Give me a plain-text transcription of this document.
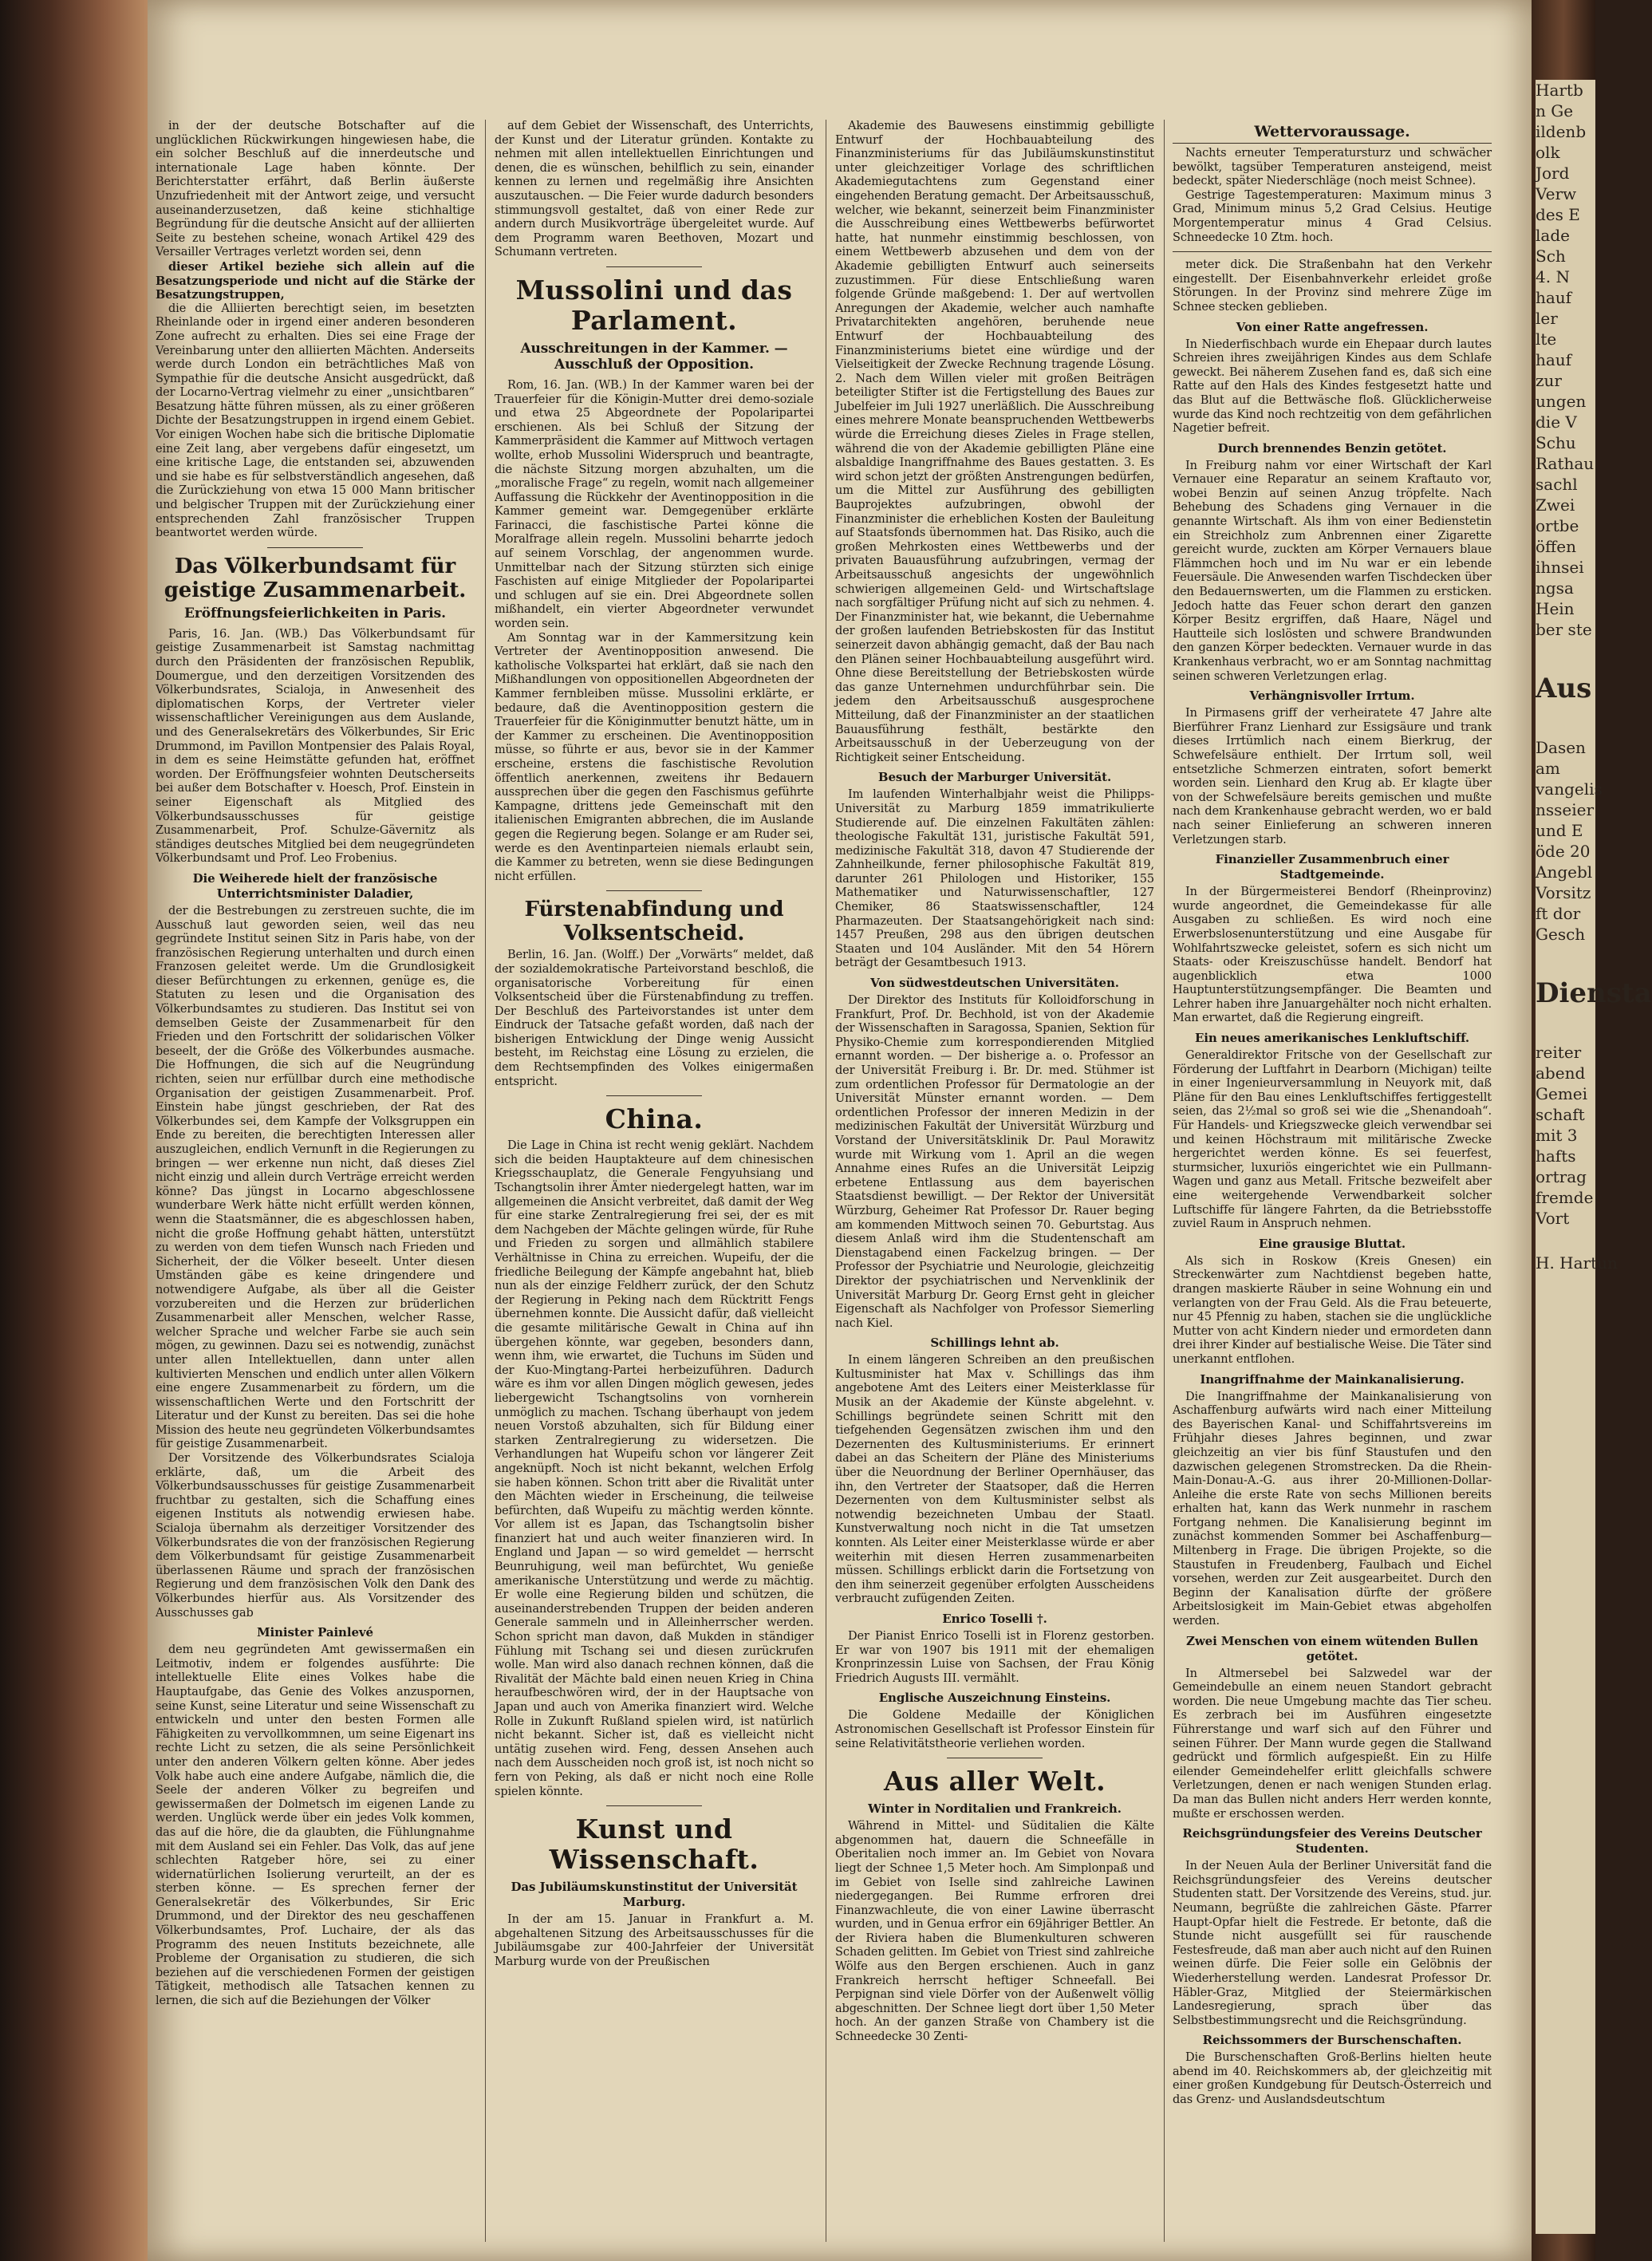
in der der deutsche Botschafter auf die unglücklichen Rückwirkungen hingewiesen habe, die ein solcher Beschluß auf die innerdeutsche und internationale Lage haben könnte. Der Berichterstatter erfährt, daß Berlin äußerste Unzufriedenheit mit der Antwort zeige, und versucht auseinanderzusetzen, daß keine stichhaltige Begründung für die deutsche Ansicht auf der alliierten Seite zu bestehen scheine, wonach Artikel 429 des Versailler Vertrages verletzt worden sei, denn

dieser Artikel beziehe sich allein auf die Besatzungsperiode und nicht auf die Stärke der Besatzungstruppen,

die die Alliierten berechtigt seien, im besetzten Rheinlande oder in irgend einer anderen besonderen Zone aufrecht zu erhalten. Dies sei eine Frage der Vereinbarung unter den alliierten Mächten. Anderseits werde durch London ein beträchtliches Maß von Sympathie für die deutsche Ansicht ausgedrückt, daß der Locarno-Vertrag vielmehr zu einer „unsichtbaren“ Besatzung hätte führen müssen, als zu einer größeren Dichte der Besatzungstruppen in irgend einem Gebiet. Vor einigen Wochen habe sich die britische Diplomatie eine Zeit lang, aber vergebens dafür eingesetzt, um eine kritische Lage, die entstanden sei, abzuwenden und sie habe es für selbstverständlich angesehen, daß die Zurückziehung von etwa 15 000 Mann britischer und belgischer Truppen mit der Zurückziehung einer entsprechenden Zahl französischer Truppen beantwortet werden würde.

Das Völkerbundsamt für geistige Zusammenarbeit.
Eröffnungsfeierlichkeiten in Paris.

Paris, 16. Jan. (WB.) Das Völkerbundsamt für geistige Zusammenarbeit ist Samstag nachmittag durch den Präsidenten der französischen Republik, Doumergue, und den derzeitigen Vorsitzenden des Völkerbundsrates, Scialoja, in Anwesenheit des diplomatischen Korps, der Vertreter vieler wissenschaftlicher Vereinigungen aus dem Auslande, und des Generalsekretärs des Völkerbundes, Sir Eric Drummond, im Pavillon Montpensier des Palais Royal, in dem es seine Heimstätte gefunden hat, eröffnet worden. Der Eröffnungsfeier wohnten Deutscherseits bei außer dem Botschafter v. Hoesch, Prof. Einstein in seiner Eigenschaft als Mitglied des Völkerbundsausschusses für geistige Zusammenarbeit, Prof. Schulze-Gävernitz als ständiges deutsches Mitglied bei dem neugegründeten Völkerbundsamt und Prof. Leo Frobenius.

Die Weiherede hielt der französische Unterrichtsminister Daladier,

der die Bestrebungen zu zerstreuen suchte, die im Ausschuß laut geworden seien, weil das neu gegründete Institut seinen Sitz in Paris habe, von der französischen Regierung unterhalten und durch einen Franzosen geleitet werde. Um die Grundlosigkeit dieser Befürchtungen zu erkennen, genüge es, die Statuten zu lesen und die Organisation des Völkerbundsamtes zu studieren. Das Institut sei von demselben Geiste der Zusammenarbeit für den Frieden und den Fortschritt der solidarischen Völker beseelt, der die Größe des Völkerbundes ausmache. Die Hoffnungen, die sich auf die Neugründung richten, seien nur erfüllbar durch eine methodische Organisation der geistigen Zusammenarbeit. Prof. Einstein habe jüngst geschrieben, der Rat des Völkerbundes sei, dem Kampfe der Volksgruppen ein Ende zu bereiten, die berechtigten Interessen aller auszugleichen, endlich Vernunft in die Regierungen zu bringen — wer erkenne nun nicht, daß dieses Ziel nicht einzig und allein durch Verträge erreicht werden könne? Das jüngst in Locarno abgeschlossene wunderbare Werk hätte nicht erfüllt werden können, wenn die Staatsmänner, die es abgeschlossen haben, nicht die große Hoffnung gehabt hätten, unterstützt zu werden von dem tiefen Wunsch nach Frieden und Sicherheit, der die Völker beseelt. Unter diesen Umständen gäbe es keine dringendere und notwendigere Aufgabe, als über all die Geister vorzubereiten und die Herzen zur brüderlichen Zusammenarbeit aller Menschen, welcher Rasse, welcher Sprache und welcher Farbe sie auch sein mögen, zu gewinnen. Dazu sei es notwendig, zunächst unter allen Intellektuellen, dann unter allen kultivierten Menschen und endlich unter allen Völkern eine engere Zusammenarbeit zu fördern, um die wissenschaftlichen Werte und den Fortschritt der Literatur und der Kunst zu bereiten. Das sei die hohe Mission des heute neu gegründeten Völkerbundsamtes für geistige Zusammenarbeit.

Der Vorsitzende des Völkerbundsrates Scialoja erklärte, daß, um die Arbeit des Völkerbundsausschusses für geistige Zusammenarbeit fruchtbar zu gestalten, sich die Schaffung eines eigenen Instituts als notwendig erwiesen habe. Scialoja übernahm als derzeitiger Vorsitzender des Völkerbundsrates die von der französischen Regierung dem Völkerbundsamt für geistige Zusammenarbeit überlassenen Räume und sprach der französischen Regierung und dem französischen Volk den Dank des Völkerbundes hierfür aus. Als Vorsitzender des Ausschusses gab

Minister Painlevé

dem neu gegründeten Amt gewissermaßen ein Leitmotiv, indem er folgendes ausführte: Die intellektuelle Elite eines Volkes habe die Hauptaufgabe, das Genie des Volkes anzuspornen, seine Kunst, seine Literatur und seine Wissenschaft zu entwickeln und unter den besten Formen alle Fähigkeiten zu vervollkommnen, um seine Eigenart ins rechte Licht zu setzen, die als seine Persönlichkeit unter den anderen Völkern gelten könne. Aber jedes Volk habe auch eine andere Aufgabe, nämlich die, die Seele der anderen Völker zu begreifen und gewissermaßen der Dolmetsch im eigenen Lande zu werden. Unglück werde über ein jedes Volk kommen, das auf die höre, die da glaubten, die Fühlungnahme mit dem Ausland sei ein Fehler. Das Volk, das auf jene schlechten Ratgeber höre, sei zu einer widernatürlichen Isolierung verurteilt, an der es sterben könne. — Es sprechen ferner der Generalsekretär des Völkerbundes, Sir Eric Drummond, und der Direktor des neu geschaffenen Völkerbundsamtes, Prof. Luchaire, der als das Programm des neuen Instituts bezeichnete, alle Probleme der Organisation zu studieren, die sich beziehen auf die verschiedenen Formen der geistigen Tätigkeit, methodisch alle Tatsachen kennen zu lernen, die sich auf die Beziehungen der Völker

auf dem Gebiet der Wissenschaft, des Unterrichts, der Kunst und der Literatur gründen. Kontakte zu nehmen mit allen intellektuellen Einrichtungen und denen, die es wünschen, behilflich zu sein, einander kennen zu lernen und regelmäßig ihre Ansichten auszutauschen. — Die Feier wurde dadurch besonders stimmungsvoll gestaltet, daß von einer Rede zur andern durch Musikvorträge übergeleitet wurde. Auf dem Programm waren Beethoven, Mozart und Schumann vertreten.

Mussolini und das Parlament.
Ausschreitungen in der Kammer. — Ausschluß der Opposition.

Rom, 16. Jan. (WB.) In der Kammer waren bei der Trauerfeier für die Königin-Mutter drei demo-soziale und etwa 25 Abgeordnete der Popolaripartei erschienen. Als bei Schluß der Sitzung der Kammerpräsident die Kammer auf Mittwoch vertagen wollte, erhob Mussolini Widerspruch und beantragte, die nächste Sitzung morgen abzuhalten, um die „moralische Frage“ zu regeln, womit nach allgemeiner Auffassung die Rückkehr der Aventinopposition in die Kammer gemeint war. Demgegenüber erklärte Farinacci, die faschistische Partei könne die Moralfrage allein regeln. Mussolini beharrte jedoch auf seinem Vorschlag, der angenommen wurde. Unmittelbar nach der Sitzung stürzten sich einige Faschisten auf einige Mitglieder der Popolaripartei und schlugen auf sie ein. Drei Abgeordnete sollen mißhandelt, ein vierter Abgeordneter verwundet worden sein.

Am Sonntag war in der Kammersitzung kein Vertreter der Aventinopposition anwesend. Die katholische Volkspartei hat erklärt, daß sie nach den Mißhandlungen von oppositionellen Abgeordneten der Kammer fernbleiben müsse. Mussolini erklärte, er bedaure, daß die Aventinopposition gestern die Trauerfeier für die Königinmutter benutzt hätte, um in der Kammer zu erscheinen. Die Aventinopposition müsse, so führte er aus, bevor sie in der Kammer erscheine, erstens die faschistische Revolution öffentlich anerkennen, zweitens ihr Bedauern aussprechen über die gegen den Faschismus geführte Kampagne, drittens jede Gemeinschaft mit den italienischen Emigranten abbrechen, die im Auslande gegen die Regierung begen. Solange er am Ruder sei, werde es den Aventinparteien niemals erlaubt sein, die Kammer zu betreten, wenn sie diese Bedingungen nicht erfüllen.

Fürstenabfindung und Volksentscheid.

Berlin, 16. Jan. (Wolff.) Der „Vorwärts“ meldet, daß der sozialdemokratische Parteivorstand beschloß, die organisatorische Vorbereitung für einen Volksentscheid über die Fürstenabfindung zu treffen. Der Beschluß des Parteivorstandes ist unter dem Eindruck der Tatsache gefaßt worden, daß nach der bisherigen Entwicklung der Dinge wenig Aussicht besteht, im Reichstag eine Lösung zu erzielen, die dem Rechtsempfinden des Volkes einigermaßen entspricht.

China.

Die Lage in China ist recht wenig geklärt. Nachdem sich die beiden Hauptakteure auf dem chinesischen Kriegsschauplatz, die Generale Fengyuhsiang und Tschangtsolin ihrer Ämter niedergelegt hatten, war im allgemeinen die Ansicht verbreitet, daß damit der Weg für eine starke Zentralregierung frei sei, der es mit dem Nachgeben der Mächte gelingen würde, für Ruhe und Frieden zu sorgen und allmählich stabilere Verhältnisse in China zu erreichen. Wupeifu, der die friedliche Beilegung der Kämpfe angebahnt hat, blieb nun als der einzige Feldherr zurück, der den Schutz der Regierung in Peking nach dem Rücktritt Fengs übernehmen konnte. Die Aussicht dafür, daß vielleicht die gesamte militärische Gewalt in China auf ihn übergehen könnte, war gegeben, besonders dann, wenn ihm, wie erwartet, die Tuchuns im Süden und der Kuo-Mingtang-Partei herbeizuführen. Dadurch wäre es ihm vor allen Dingen möglich gewesen, jedes liebergewicht Tschangtsolins von vornherein unmöglich zu machen. Tschang überhaupt von jedem neuen Vorstoß abzuhalten, sich für Bildung einer starken Zentralregierung zu widersetzen. Die Verhandlungen hat Wupeifu schon vor längerer Zeit angeknüpft. Noch ist nicht bekannt, welchen Erfolg sie haben können. Schon tritt aber die Rivalität unter den Mächten wieder in Erscheinung, die teilweise befürchten, daß Wupeifu zu mächtig werden könnte. Vor allem ist es Japan, das Tschangtsolin bisher finanziert hat und auch weiter finanzieren wird. In England und Japan — so wird gemeldet — herrscht Beunruhigung, weil man befürchtet, Wu genieße amerikanische Unterstützung und werde zu mächtig. Er wolle eine Regierung bilden und schützen, die auseinanderstrebenden Truppen der beiden anderen Generale sammeln und in Alleinherrscher werden. Schon spricht man davon, daß Mukden in ständiger Fühlung mit Tschang sei und diesen zurückrufen wolle. Man wird also danach rechnen können, daß die Rivalität der Mächte bald einen neuen Krieg in China heraufbeschwören wird, der in der Hauptsache von Japan und auch von Amerika finanziert wird. Welche Rolle in Zukunft Rußland spielen wird, ist natürlich nicht bekannt. Sicher ist, daß es vielleicht nicht untätig zusehen wird. Feng, dessen Ansehen auch nach dem Ausscheiden noch groß ist, ist noch nicht so fern von Peking, als daß er nicht noch eine Rolle spielen könnte.

Kunst und Wissenschaft.
Das Jubiläumskunstinstitut der Universität Marburg.

In der am 15. Januar in Frankfurt a. M. abgehaltenen Sitzung des Arbeitsausschusses für die Jubiläumsgabe zur 400-Jahrfeier der Universität Marburg wurde von der Preußischen

Akademie des Bauwesens einstimmig gebilligte Entwurf der Hochbauabteilung des Finanzministeriums für das Jubiläumskunstinstitut unter gleichzeitiger Vorlage des schriftlichen Akademiegutachtens zum Gegenstand einer eingehenden Beratung gemacht. Der Arbeitsausschuß, welcher, wie bekannt, seinerzeit beim Finanzminister die Ausschreibung eines Wettbewerbs befürwortet hatte, hat nunmehr einstimmig beschlossen, von einem Wettbewerb abzusehen und dem von der Akademie gebilligten Entwurf auch seinerseits zuzustimmen. Für diese Entschließung waren folgende Gründe maßgebend: 1. Der auf wertvollen Anregungen der Akademie, welcher auch namhafte Privatarchitekten angehören, beruhende neue Entwurf der Hochbauabteilung des Finanzministeriums bietet eine würdige und der Vielseitigkeit der Zwecke Rechnung tragende Lösung. 2. Nach dem Willen vieler mit großen Beiträgen beteiligter Stifter ist die Fertigstellung des Baues zur Jubelfeier im Juli 1927 unerläßlich. Die Ausschreibung eines mehrere Monate beanspruchenden Wettbewerbs würde die Erreichung dieses Zieles in Frage stellen, während die von der Akademie gebilligten Pläne eine alsbaldige Inangriffnahme des Baues gestatten. 3. Es wird schon jetzt der größten Anstrengungen bedürfen, um die Mittel zur Ausführung des gebilligten Bauprojektes aufzubringen, obwohl der Finanzminister die erheblichen Kosten der Bauleitung auf Staatsfonds übernommen hat. Das Risiko, auch die großen Mehrkosten eines Wettbewerbs und der privaten Bauausführung aufzubringen, vermag der Arbeitsausschuß angesichts der ungewöhnlich schwierigen allgemeinen Geld- und Wirtschaftslage nach sorgfältiger Prüfung nicht auf sich zu nehmen. 4. Der Finanzminister hat, wie bekannt, die Uebernahme der großen laufenden Betriebskosten für das Institut seinerzeit davon abhängig gemacht, daß der Bau nach den Plänen seiner Hochbauabteilung ausgeführt wird. Ohne diese Bereitstellung der Betriebskosten würde das ganze Unternehmen undurchführbar sein. Die jedem den Arbeitsausschuß ausgesprochene Mitteilung, daß der Finanzminister an der staatlichen Bauausführung festhält, bestärkte den Arbeitsausschuß in der Ueberzeugung von der Richtigkeit seiner Entscheidung.

Besuch der Marburger Universität.

Im laufenden Winterhalbjahr weist die Philipps-Universität zu Marburg 1859 immatrikulierte Studierende auf. Die einzelnen Fakultäten zählen: theologische Fakultät 131, juristische Fakultät 591, medizinische Fakultät 318, davon 47 Studierende der Zahnheilkunde, ferner philosophische Fakultät 819, darunter 261 Philologen und Historiker, 155 Mathematiker und Naturwissenschaftler, 127 Chemiker, 86 Staatswissenschaftler, 124 Pharmazeuten. Der Staatsangehörigkeit nach sind: 1457 Preußen, 298 aus den übrigen deutschen Staaten und 104 Ausländer. Mit den 54 Hörern beträgt der Gesamtbesuch 1913.

Von südwestdeutschen Universitäten.

Der Direktor des Instituts für Kolloidforschung in Frankfurt, Prof. Dr. Bechhold, ist von der Akademie der Wissenschaften in Saragossa, Spanien, Sektion für Physiko-Chemie zum korrespondierenden Mitglied ernannt worden. — Der bisherige a. o. Professor an der Universität Freiburg i. Br. Dr. med. Stühmer ist zum ordentlichen Professor für Dermatologie an der Universität Münster ernannt worden. — Dem ordentlichen Professor der inneren Medizin in der medizinischen Fakultät der Universität Würzburg und Vorstand der Universitätsklinik Dr. Paul Morawitz wurde mit Wirkung vom 1. April an die wegen Annahme eines Rufes an die Universität Leipzig erbetene Entlassung aus dem bayerischen Staatsdienst bewilligt. — Der Rektor der Universität Würzburg, Geheimer Rat Professor Dr. Rauer beging am kommenden Mittwoch seinen 70. Geburtstag. Aus diesem Anlaß wird ihm die Studentenschaft am Dienstagabend einen Fackelzug bringen. — Der Professor der Psychiatrie und Neurologie, gleichzeitig Direktor der psychiatrischen und Nervenklinik der Universität Marburg Dr. Georg Ernst geht in gleicher Eigenschaft als Nachfolger von Professor Siemerling nach Kiel.

Schillings lehnt ab.

In einem längeren Schreiben an den preußischen Kultusminister hat Max v. Schillings das ihm angebotene Amt des Leiters einer Meisterklasse für Musik an der Akademie der Künste abgelehnt. v. Schillings begründete seinen Schritt mit den tiefgehenden Gegensätzen zwischen ihm und den Dezernenten des Kultusministeriums. Er erinnert dabei an das Scheitern der Pläne des Ministeriums über die Neuordnung der Berliner Opernhäuser, das ihn, den Vertreter der Staatsoper, daß die Herren Dezernenten von dem Kultusminister selbst als notwendig bezeichneten Umbau der Staatl. Kunstverwaltung noch nicht in die Tat umsetzen konnten. Als Leiter einer Meisterklasse würde er aber weiterhin mit diesen Herren zusammenarbeiten müssen. Schillings erblickt darin die Fortsetzung von den ihm seinerzeit gegenüber erfolgten Ausscheidens verbraucht zufügenden Zeiten.

Enrico Toselli †.

Der Pianist Enrico Toselli ist in Florenz gestorben. Er war von 1907 bis 1911 mit der ehemaligen Kronprinzessin Luise von Sachsen, der Frau König Friedrich Augusts III. vermählt.

Englische Auszeichnung Einsteins.

Die Goldene Medaille der Königlichen Astronomischen Gesellschaft ist Professor Einstein für seine Relativitätstheorie verliehen worden.

Aus aller Welt.
Winter in Norditalien und Frankreich.

Während in Mittel- und Süditalien die Kälte abgenommen hat, dauern die Schneefälle in Oberitalien noch immer an. Im Gebiet von Novara liegt der Schnee 1,5 Meter hoch. Am Simplonpaß und im Gebiet von Iselle sind zahlreiche Lawinen niedergegangen. Bei Rumme erfroren drei Finanzwachleute, die von einer Lawine überrascht wurden, und in Genua erfror ein 69jähriger Bettler. An der Riviera haben die Blumenkulturen schweren Schaden gelitten. Im Gebiet von Triest sind zahlreiche Wölfe aus den Bergen erschienen. Auch in ganz Frankreich herrscht heftiger Schneefall. Bei Perpignan sind viele Dörfer von der Außenwelt völlig abgeschnitten. Der Schnee liegt dort über 1,50 Meter hoch. An der ganzen Straße von Chambery ist die Schneedecke 30 Zenti-

Wettervoraussage.

Nachts erneuter Temperatursturz und schwächer bewölkt, tagsüber Temperaturen ansteigend, meist bedeckt, später Niederschläge (noch meist Schnee).

Gestrige Tagestemperaturen: Maximum minus 3 Grad, Minimum minus 5,2 Grad Celsius. Heutige Morgentemperatur minus 4 Grad Celsius. Schneedecke 10 Ztm. hoch.

meter dick. Die Straßenbahn hat den Verkehr eingestellt. Der Eisenbahnverkehr erleidet große Störungen. In der Provinz sind mehrere Züge im Schnee stecken geblieben.

Von einer Ratte angefressen.

In Niederfischbach wurde ein Ehepaar durch lautes Schreien ihres zweijährigen Kindes aus dem Schlafe geweckt. Bei näherem Zusehen fand es, daß sich eine Ratte auf den Hals des Kindes festgesetzt hatte und das Blut auf die Bettwäsche floß. Glücklicherweise wurde das Kind noch rechtzeitig von dem gefährlichen Nagetier befreit.

Durch brennendes Benzin getötet.

In Freiburg nahm vor einer Wirtschaft der Karl Vernauer eine Reparatur an seinem Kraftauto vor, wobei Benzin auf seinen Anzug tröpfelte. Nach Behebung des Schadens ging Vernauer in die genannte Wirtschaft. Als ihm von einer Bedienstetin ein Streichholz zum Anbrennen einer Zigarette gereicht wurde, zuckten am Körper Vernauers blaue Flämmchen hoch und im Nu war er ein lebende Feuersäule. Die Anwesenden warfen Tischdecken über den Bedauernswerten, um die Flammen zu ersticken. Jedoch hatte das Feuer schon derart den ganzen Körper Besitz ergriffen, daß Haare, Nägel und Hautteile sich loslösten und schwere Brandwunden den ganzen Körper bedeckten. Vernauer wurde in das Krankenhaus verbracht, wo er am Sonntag nachmittag seinen schweren Verletzungen erlag.

Verhängnisvoller Irrtum.

In Pirmasens griff der verheiratete 47 Jahre alte Bierführer Franz Lienhard zur Essigsäure und trank dieses Irrtümlich nach einem Bierkrug, der Schwefelsäure enthielt. Der Irrtum soll, weil entsetzliche Schmerzen eintraten, sofort bemerkt worden sein. Lienhard den Krug ab. Er klagte über von der Schwefelsäure bereits gemischen und mußte nach dem Krankenhause gebracht werden, wo er bald nach seiner Einlieferung an schweren inneren Verletzungen starb.

Finanzieller Zusammenbruch einer Stadtgemeinde.

In der Bürgermeisterei Bendorf (Rheinprovinz) wurde angeordnet, die Gemeindekasse für alle Ausgaben zu schließen. Es wird noch eine Erwerbslosenunterstützung und eine Ausgabe für Wohlfahrtszwecke geleistet, sofern es sich nicht um Staats- oder Kreiszuschüsse handelt. Bendorf hat augenblicklich etwa 1000 Hauptunterstützungsempfänger. Die Beamten und Lehrer haben ihre Januargehälter noch nicht erhalten. Man erwartet, daß die Regierung eingreift.

Ein neues amerikanisches Lenkluftschiff.

Generaldirektor Fritsche von der Gesellschaft zur Förderung der Luftfahrt in Dearborn (Michigan) teilte in einer Ingenieurversammlung in Neuyork mit, daß Pläne für den Bau eines Lenkluftschiffes fertiggestellt seien, das 2½mal so groß sei wie die „Shenandoah“. Für Handels- und Kriegszwecke gleich verwendbar sei und keinen Höchstraum mit militärische Zwecke hergerichtet werden könne. Es sei feuerfest, sturmsicher, luxuriös eingerichtet wie ein Pullmann-Wagen und ganz aus Metall. Fritsche bezweifelt aber eine weitergehende Verwendbarkeit solcher Luftschiffe für längere Fahrten, da die Betriebsstoffe zuviel Raum in Anspruch nehmen.

Eine grausige Bluttat.

Als sich in Roskow (Kreis Gnesen) ein Streckenwärter zum Nachtdienst begeben hatte, drangen maskierte Räuber in seine Wohnung ein und verlangten von der Frau Geld. Als die Frau beteuerte, nur 45 Pfennig zu haben, stachen sie die unglückliche Mutter von acht Kindern nieder und ermordeten dann drei ihrer Kinder auf bestialische Weise. Die Täter sind unerkannt entflohen.

Inangriffnahme der Mainkanalisierung.

Die Inangriffnahme der Mainkanalisierung von Aschaffenburg aufwärts wird nach einer Mitteilung des Bayerischen Kanal- und Schiffahrtsvereins im Frühjahr dieses Jahres beginnen, und zwar gleichzeitig an vier bis fünf Staustufen und den dazwischen gelegenen Stromstrecken. Da die Rhein-Main-Donau-A.-G. aus ihrer 20-Millionen-Dollar-Anleihe die erste Rate von sechs Millionen bereits erhalten hat, kann das Werk nunmehr in raschem Fortgang nehmen. Die Kanalisierung beginnt im zunächst kommenden Sommer bei Aschaffenburg—Miltenberg in Frage. Die übrigen Projekte, so die Staustufen in Freudenberg, Faulbach und Eichel vorsehen, werden zur Zeit ausgearbeitet. Durch den Beginn der Kanalisation dürfte der größere Arbeitslosigkeit im Main-Gebiet etwas abgeholfen werden.

Zwei Menschen von einem wütenden Bullen getötet.

In Altmersebel bei Salzwedel war der Gemeindebulle an einem neuen Standort gebracht worden. Die neue Umgebung machte das Tier scheu. Es zerbrach bei im Ausführen eingesetzte Führerstange und warf sich auf den Führer und seinen Führer. Der Mann wurde gegen die Stallwand gedrückt und förmlich aufgespießt. Ein zu Hilfe eilender Gemeindehelfer erlitt gleichfalls schwere Verletzungen, denen er nach wenigen Stunden erlag. Da man das Bullen nicht anders Herr werden konnte, mußte er erschossen werden.

Reichsgründungsfeier des Vereins Deutscher Studenten.

In der Neuen Aula der Berliner Universität fand die Reichsgründungsfeier des Vereins deutscher Studenten statt. Der Vorsitzende des Vereins, stud. jur. Neumann, begrüßte die zahlreichen Gäste. Pfarrer Haupt-Opfar hielt die Festrede. Er betonte, daß die Stunde nicht ausgefüllt sei für rauschende Festesfreude, daß man aber auch nicht auf den Ruinen weinen dürfe. Die Feier solle ein Gelöbnis der Wiederherstellung werden. Landesrat Professor Dr. Häbler-Graz, Mitglied der Steiermärkischen Landesregierung, sprach über das Selbstbestimmungsrecht und die Reichsgründung.

Reichssommers der Burschenschaften.

Die Burschenschaften Groß-Berlins hielten heute abend im 40. Reichskommers ab, der gleichzeitig mit einer großen Kundgebung für Deutsch-Österreich und das Grenz- und Auslandsdeutschtum

Hartb

n Ge

ildenb

olk

Jord

Verw

des E

lade

Sch

4. N

hauf

ler

lte

hauf

zur

ungen

die V

Schu

Rathau

sachl

Zwei

ortbe

öffen

ihnsei

ngsa

Hein

ber ste

Aus

Dasen

am

vangelis

nsseier

und E

öde 20

Angebl

Vorsitz

ft dor

Gesch

Diensta

reiter

abend

Gemei

schaft

mit 3

hafts

ortrag

fremde

Vort

H. Hartun
